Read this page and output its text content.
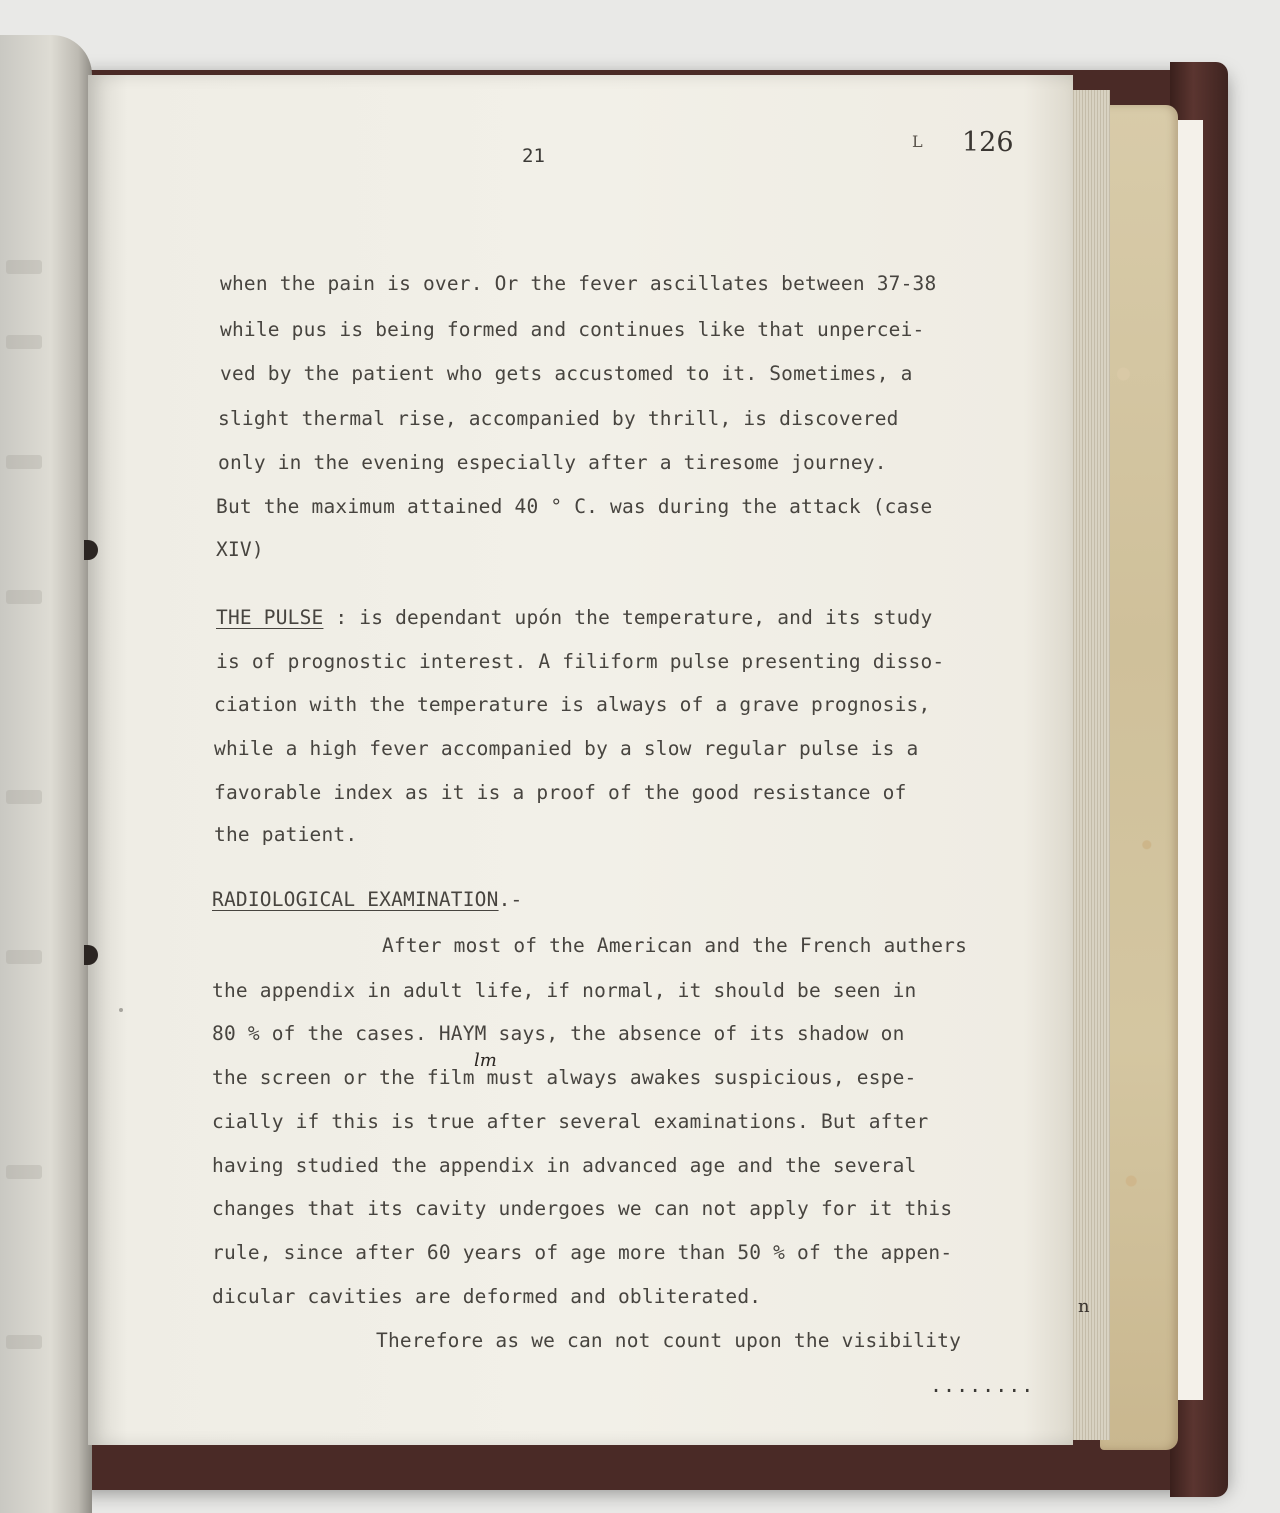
n
21
L 126
when the pain is over. Or the fever ascillates between 37-38
while pus is being formed and continues like that unpercei-
ved by the patient who gets accustomed to it. Sometimes, a
slight thermal rise, accompanied by thrill, is discovered
only in the evening especially after a tiresome journey.
But the maximum attained 40 ° C. was during the attack (case
XIV)
THE PULSE : is dependant upón the temperature, and its study
is of prognostic interest. A filiform pulse presenting disso-
ciation with the temperature is always of a grave prognosis,
while a high fever accompanied by a slow regular pulse is a
favorable index as it is a proof of the good resistance of
the patient.
RADIOLOGICAL EXAMINATION.-
After most of the American and the French authers
the appendix in adult life, if normal, it should be seen in
80 % of the cases. HAYM says, the absence of its shadow on
the screen or the film must always awakes suspicious, espe-
cially if this is true after several examinations. But after
having studied the appendix in advanced age and the several
changes that its cavity undergoes we can not apply for it this
rule, since after 60 years of age more than 50 % of the appen-
dicular cavities are deformed and obliterated.
Therefore as we can not count upon the visibility
lm
........
